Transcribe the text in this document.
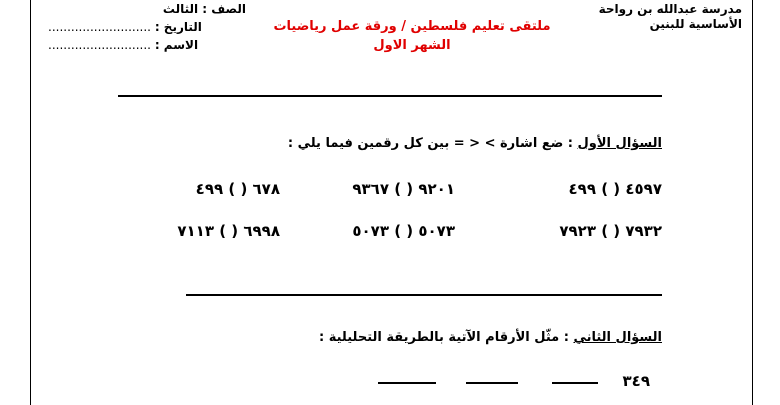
مدرسة عبدالله بن رواحة
الأساسية للبنين
ملتقى تعليم فلسطين / ورقة عمل رياضيات
الشهر الاول
الصف : الثالث
........................... التاريخ :
........................... الاسم :
السؤال الأول : ضع اشارة > < = بين كل رقمين فيما يلي :
٤٥٩٧ ( ) ٤٩٩
٩٢٠١ ( ) ٩٣٦٧
٦٧٨ ( ) ٤٩٩
٧٩٣٢ ( ) ٧٩٢٣
٥٠٧٣ ( ) ٥٠٧٣
٦٩٩٨ ( ) ٧١١٣
السؤال الثاني : مثّل الأرقام الآتية بالطريقة التحليلية :
٣٤٩
